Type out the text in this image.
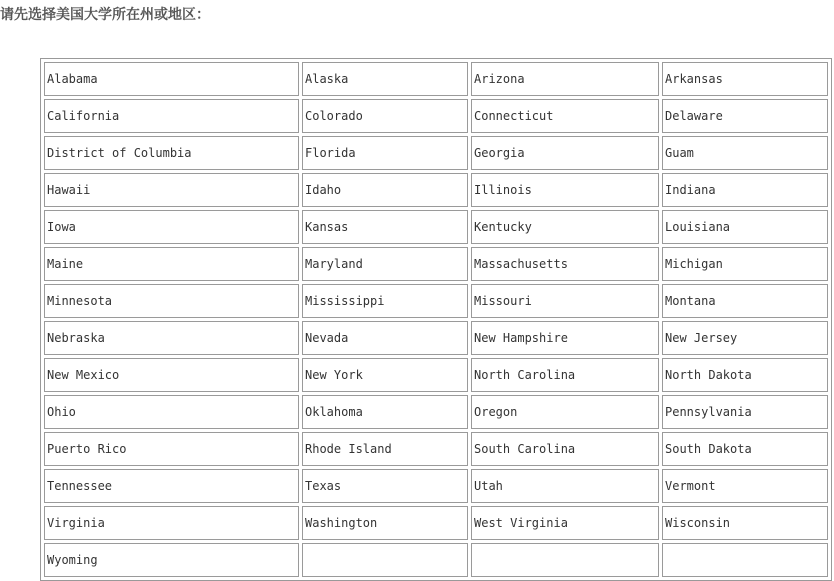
请先选择美国大学所在州或地区：
Alabama	Alaska	Arizona	Arkansas
California	Colorado	Connecticut	Delaware
District of Columbia	Florida	Georgia	Guam
Hawaii	Idaho	Illinois	Indiana
Iowa	Kansas	Kentucky	Louisiana
Maine	Maryland	Massachusetts	Michigan
Minnesota	Mississippi	Missouri	Montana
Nebraska	Nevada	New Hampshire	New Jersey
New Mexico	New York	North Carolina	North Dakota
Ohio	Oklahoma	Oregon	Pennsylvania
Puerto Rico	Rhode Island	South Carolina	South Dakota
Tennessee	Texas	Utah	Vermont
Virginia	Washington	West Virginia	Wisconsin
Wyoming			
